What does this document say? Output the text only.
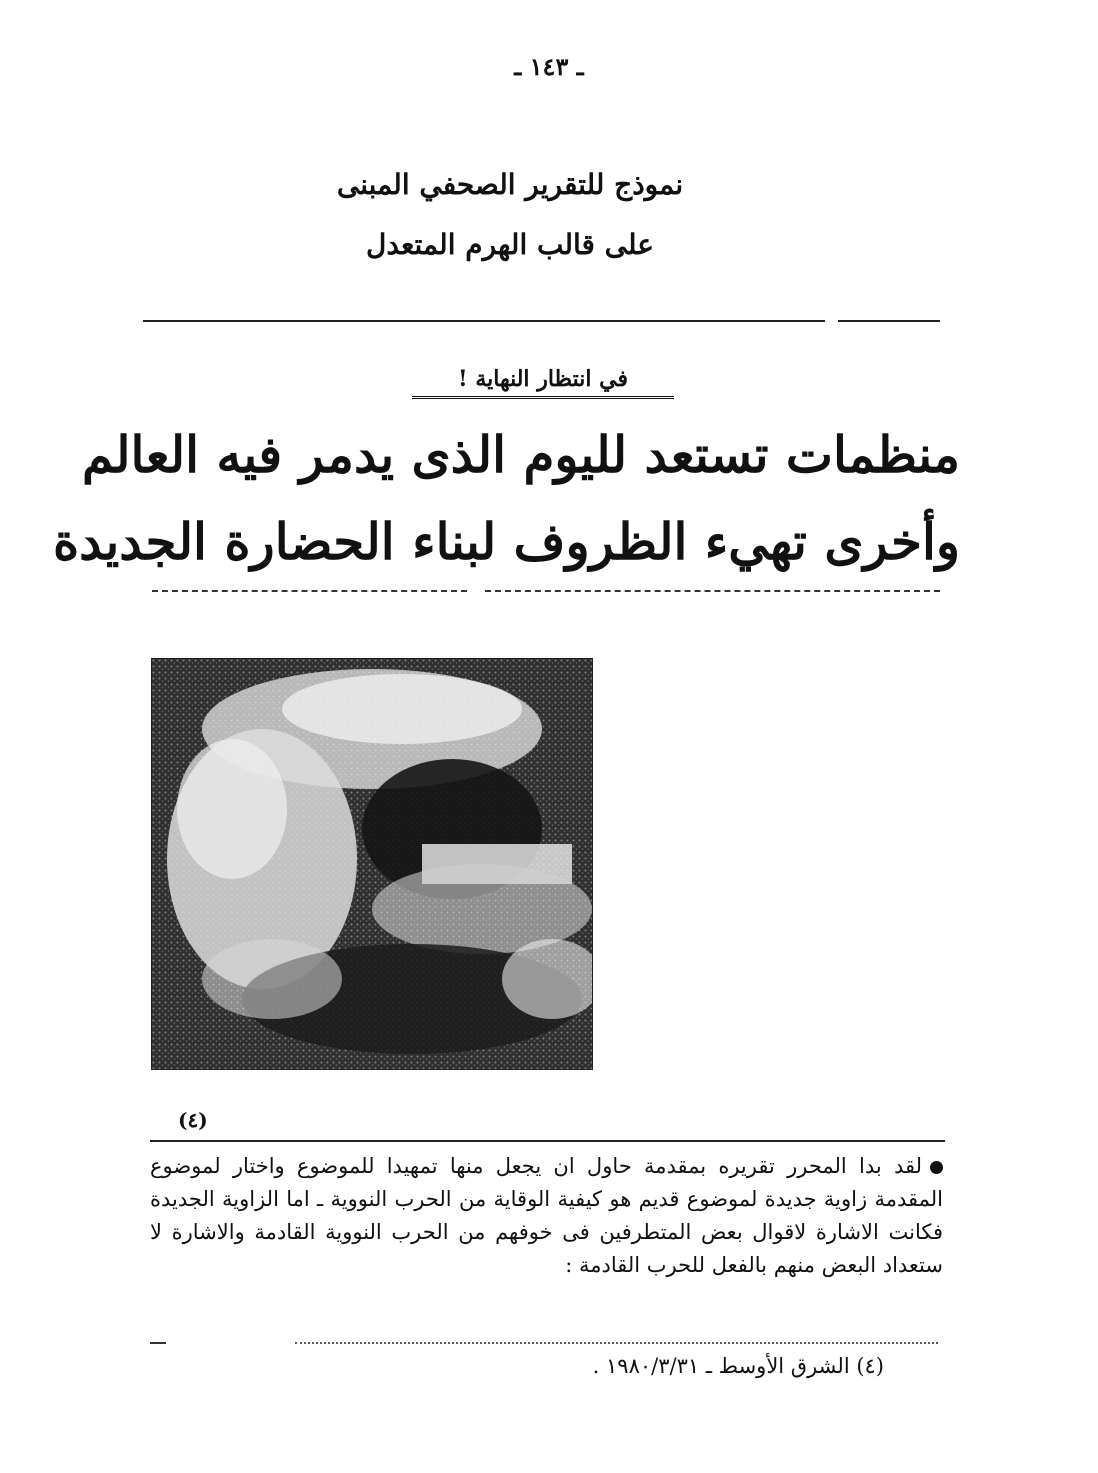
ـ ١٤٣ ـ
نموذج للتقرير الصحفي المبنى
على قالب الهرم المتعدل
في انتظار النهاية !
منظمات تستعد لليوم الذى يدمر فيه العالم
وأخرى تهيء الظروف لبناء الحضارة الجديدة
(٤)

لقد بدا المحرر تقريره بمقدمة حاول ان يجعل منها تمهيدا للموضوع واختار لموضوع المقدمة زاوية جديدة لموضوع قديم هو كيفية الوقاية من الحرب النووية ـ اما الزاوية الجديدة فكانت الاشارة لاقوال بعض المتطرفين فى خوفهم من الحرب النووية القادمة والاشارة لا ستعداد البعض منهم بالفعل للحرب القادمة :

(٤) الشرق الأوسط ـ ١٩٨٠/٣/٣١ .
